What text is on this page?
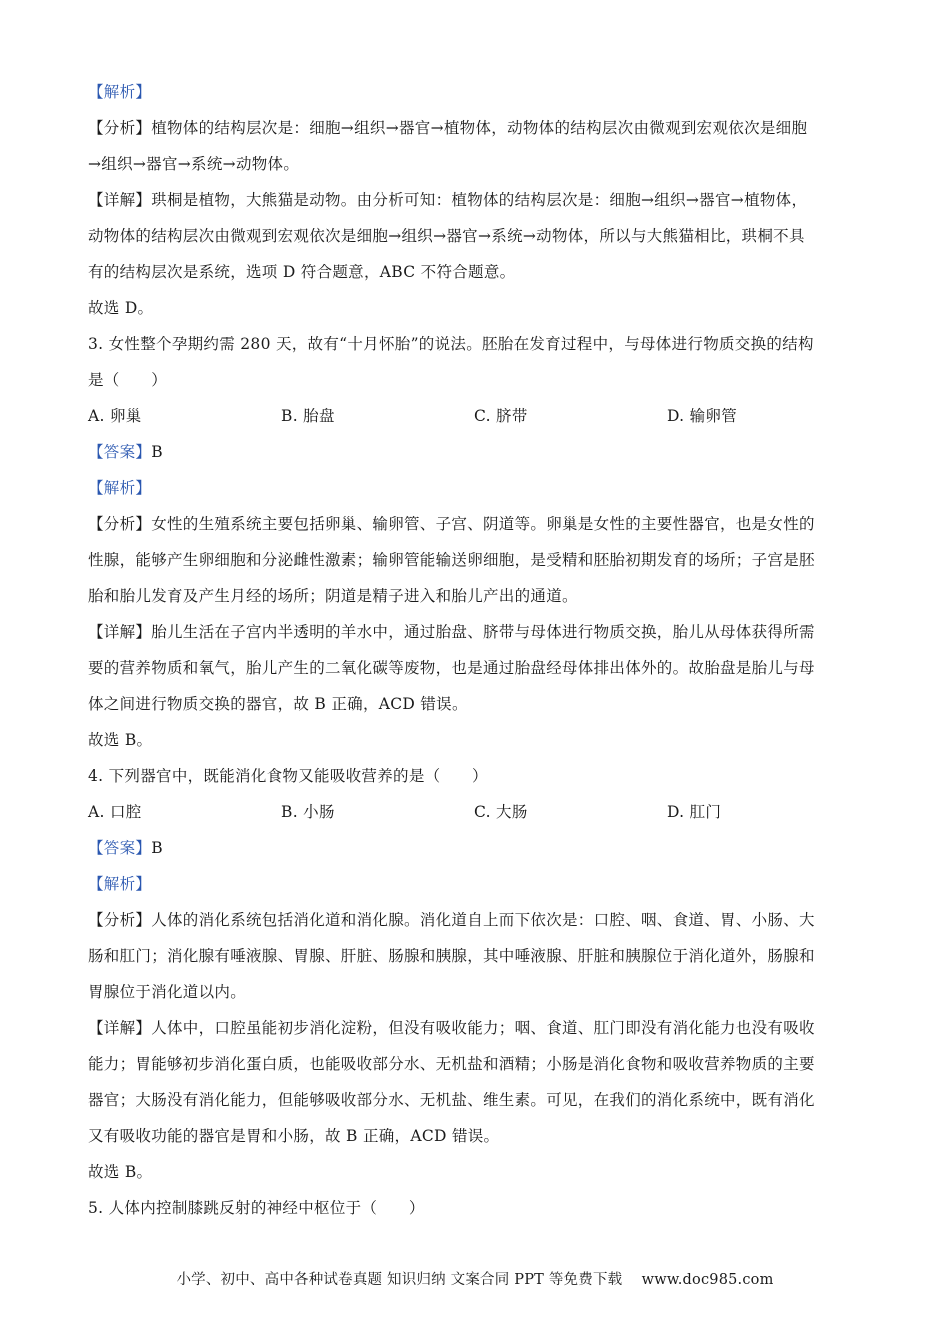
【解析】
【分析】植物体的结构层次是：细胞→组织→器官→植物体，动物体的结构层次由微观到宏观依次是细胞
→组织→器官→系统→动物体。
【详解】珙桐是植物，大熊猫是动物。由分析可知：植物体的结构层次是：细胞→组织→器官→植物体，
动物体的结构层次由微观到宏观依次是细胞→组织→器官→系统→动物体，所以与大熊猫相比，珙桐不具
有的结构层次是系统，选项 D 符合题意，ABC 不符合题意。
故选 D。
3. 女性整个孕期约需 280 天，故有“十月怀胎”的说法。胚胎在发育过程中，与母体进行物质交换的结构
是（　　）
A. 卵巢	B. 胎盘	C. 脐带	D. 输卵管
【答案】B
【解析】
【分析】女性的生殖系统主要包括卵巢、输卵管、子宫、阴道等。卵巢是女性的主要性器官，也是女性的
性腺，能够产生卵细胞和分泌雌性激素；输卵管能输送卵细胞，是受精和胚胎初期发育的场所；子宫是胚
胎和胎儿发育及产生月经的场所；阴道是精子进入和胎儿产出的通道。
【详解】胎儿生活在子宫内半透明的羊水中，通过胎盘、脐带与母体进行物质交换，胎儿从母体获得所需
要的营养物质和氧气，胎儿产生的二氧化碳等废物，也是通过胎盘经母体排出体外的。故胎盘是胎儿与母
体之间进行物质交换的器官，故 B 正确，ACD 错误。
故选 B。
4. 下列器官中，既能消化食物又能吸收营养的是（　　）
A. 口腔	B. 小肠	C. 大肠	D. 肛门
【答案】B
【解析】
【分析】人体的消化系统包括消化道和消化腺。消化道自上而下依次是：口腔、咽、食道、胃、小肠、大
肠和肛门；消化腺有唾液腺、胃腺、肝脏、肠腺和胰腺，其中唾液腺、肝脏和胰腺位于消化道外，肠腺和
胃腺位于消化道以内。
【详解】人体中，口腔虽能初步消化淀粉，但没有吸收能力；咽、食道、肛门即没有消化能力也没有吸收
能力；胃能够初步消化蛋白质，也能吸收部分水、无机盐和酒精；小肠是消化食物和吸收营养物质的主要
器官；大肠没有消化能力，但能够吸收部分水、无机盐、维生素。可见，在我们的消化系统中，既有消化
又有吸收功能的器官是胃和小肠，故 B 正确，ACD 错误。
故选 B。
5. 人体内控制膝跳反射的神经中枢位于（　　）
小学、初中、高中各种试卷真题 知识归纳 文案合同 PPT 等免费下载 www.doc985.com
